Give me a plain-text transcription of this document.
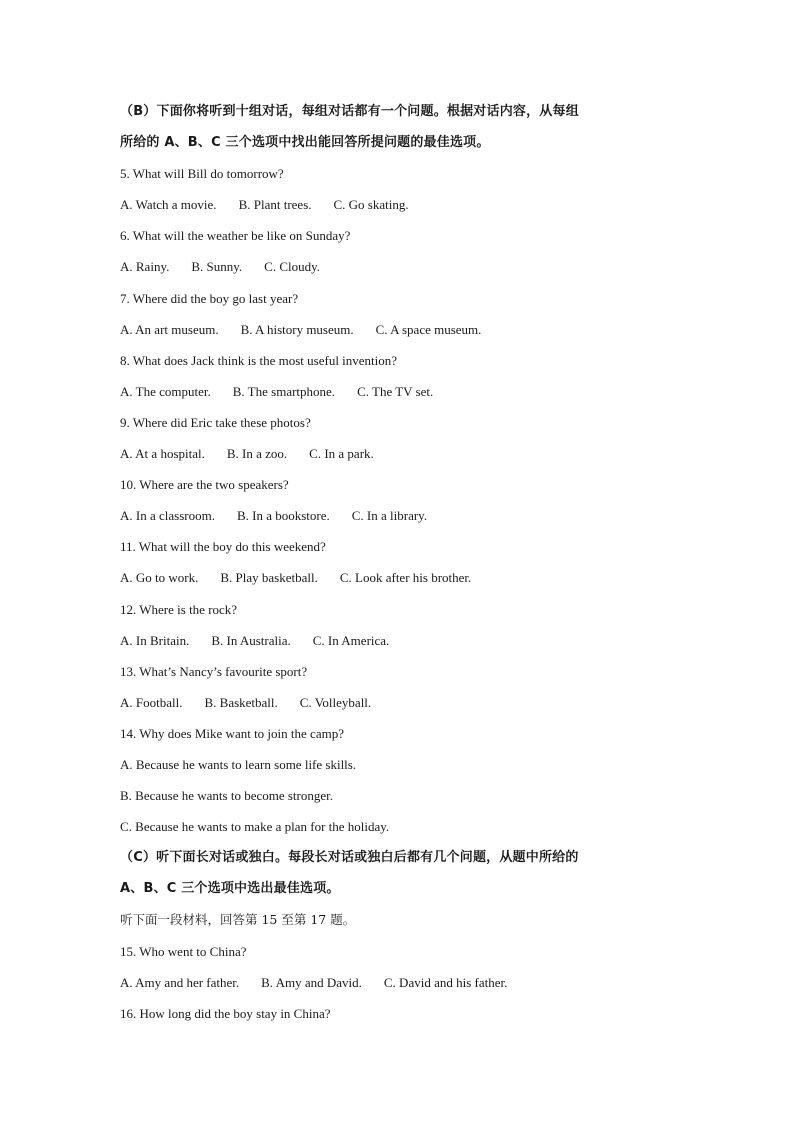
（B）下面你将听到十组对话，每组对话都有一个问题。根据对话内容，从每组
所给的 A、B、C 三个选项中找出能回答所提问题的最佳选项。
5. What will Bill do tomorrow?
A. Watch a movie. B. Plant trees. C. Go skating.
6. What will the weather be like on Sunday?
A. Rainy. B. Sunny. C. Cloudy.
7. Where did the boy go last year?
A. An art museum. B. A history museum. C. A space museum.
8. What does Jack think is the most useful invention?
A. The computer. B. The smartphone. C. The TV set.
9. Where did Eric take these photos?
A. At a hospital. B. In a zoo. C. In a park.
10. Where are the two speakers?
A. In a classroom. B. In a bookstore. C. In a library.
11. What will the boy do this weekend?
A. Go to work. B. Play basketball. C. Look after his brother.
12. Where is the rock?
A. In Britain. B. In Australia. C. In America.
13. What’s Nancy’s favourite sport?
A. Football. B. Basketball. C. Volleyball.
14. Why does Mike want to join the camp?
A. Because he wants to learn some life skills.
B. Because he wants to become stronger.
C. Because he wants to make a plan for the holiday.
（C）听下面长对话或独白。每段长对话或独白后都有几个问题，从题中所给的
A、B、C 三个选项中选出最佳选项。
听下面一段材料，回答第 15 至第 17 题。
15. Who went to China?
A. Amy and her father. B. Amy and David. C. David and his father.
16. How long did the boy stay in China?
